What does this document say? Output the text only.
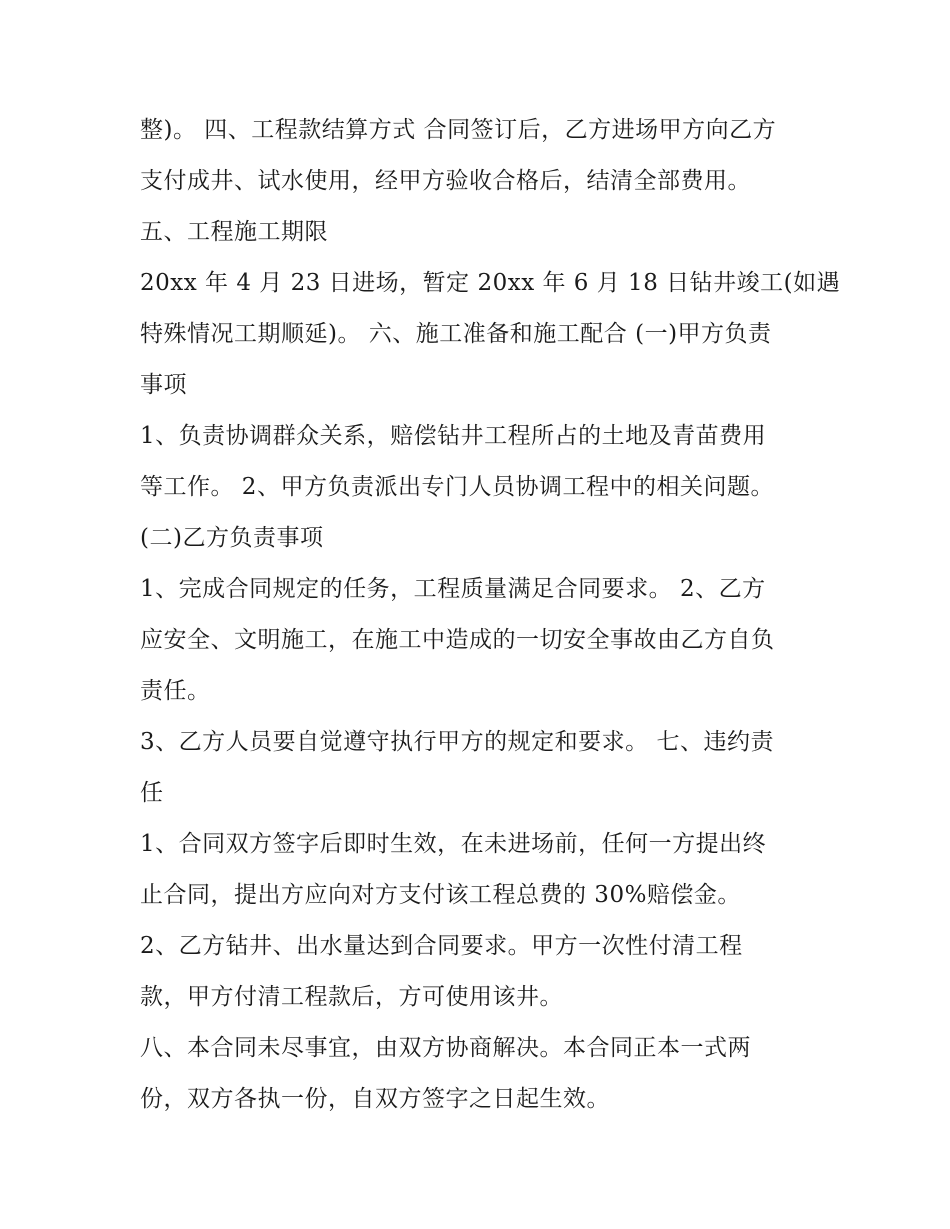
整)。 四、工程款结算方式 合同签订后，乙方进场甲方向乙方
支付成井、试水使用，经甲方验收合格后，结清全部费用。
五、工程施工期限
20xx 年 4 月 23 日进场，暂定 20xx 年 6 月 18 日钻井竣工(如遇
特殊情况工期顺延)。 六、施工准备和施工配合 (一)甲方负责
事项
1、负责协调群众关系，赔偿钻井工程所占的土地及青苗费用
等工作。 2、甲方负责派出专门人员协调工程中的相关问题。
(二)乙方负责事项
1、完成合同规定的任务，工程质量满足合同要求。 2、乙方
应安全、文明施工，在施工中造成的一切安全事故由乙方自负
责任。
3、乙方人员要自觉遵守执行甲方的规定和要求。 七、违约责
任
1、合同双方签字后即时生效，在未进场前，任何一方提出终
止合同，提出方应向对方支付该工程总费的 30%赔偿金。
2、乙方钻井、出水量达到合同要求。甲方一次性付清工程
款，甲方付清工程款后，方可使用该井。
八、本合同未尽事宜，由双方协商解决。本合同正本一式两
份，双方各执一份，自双方签字之日起生效。
